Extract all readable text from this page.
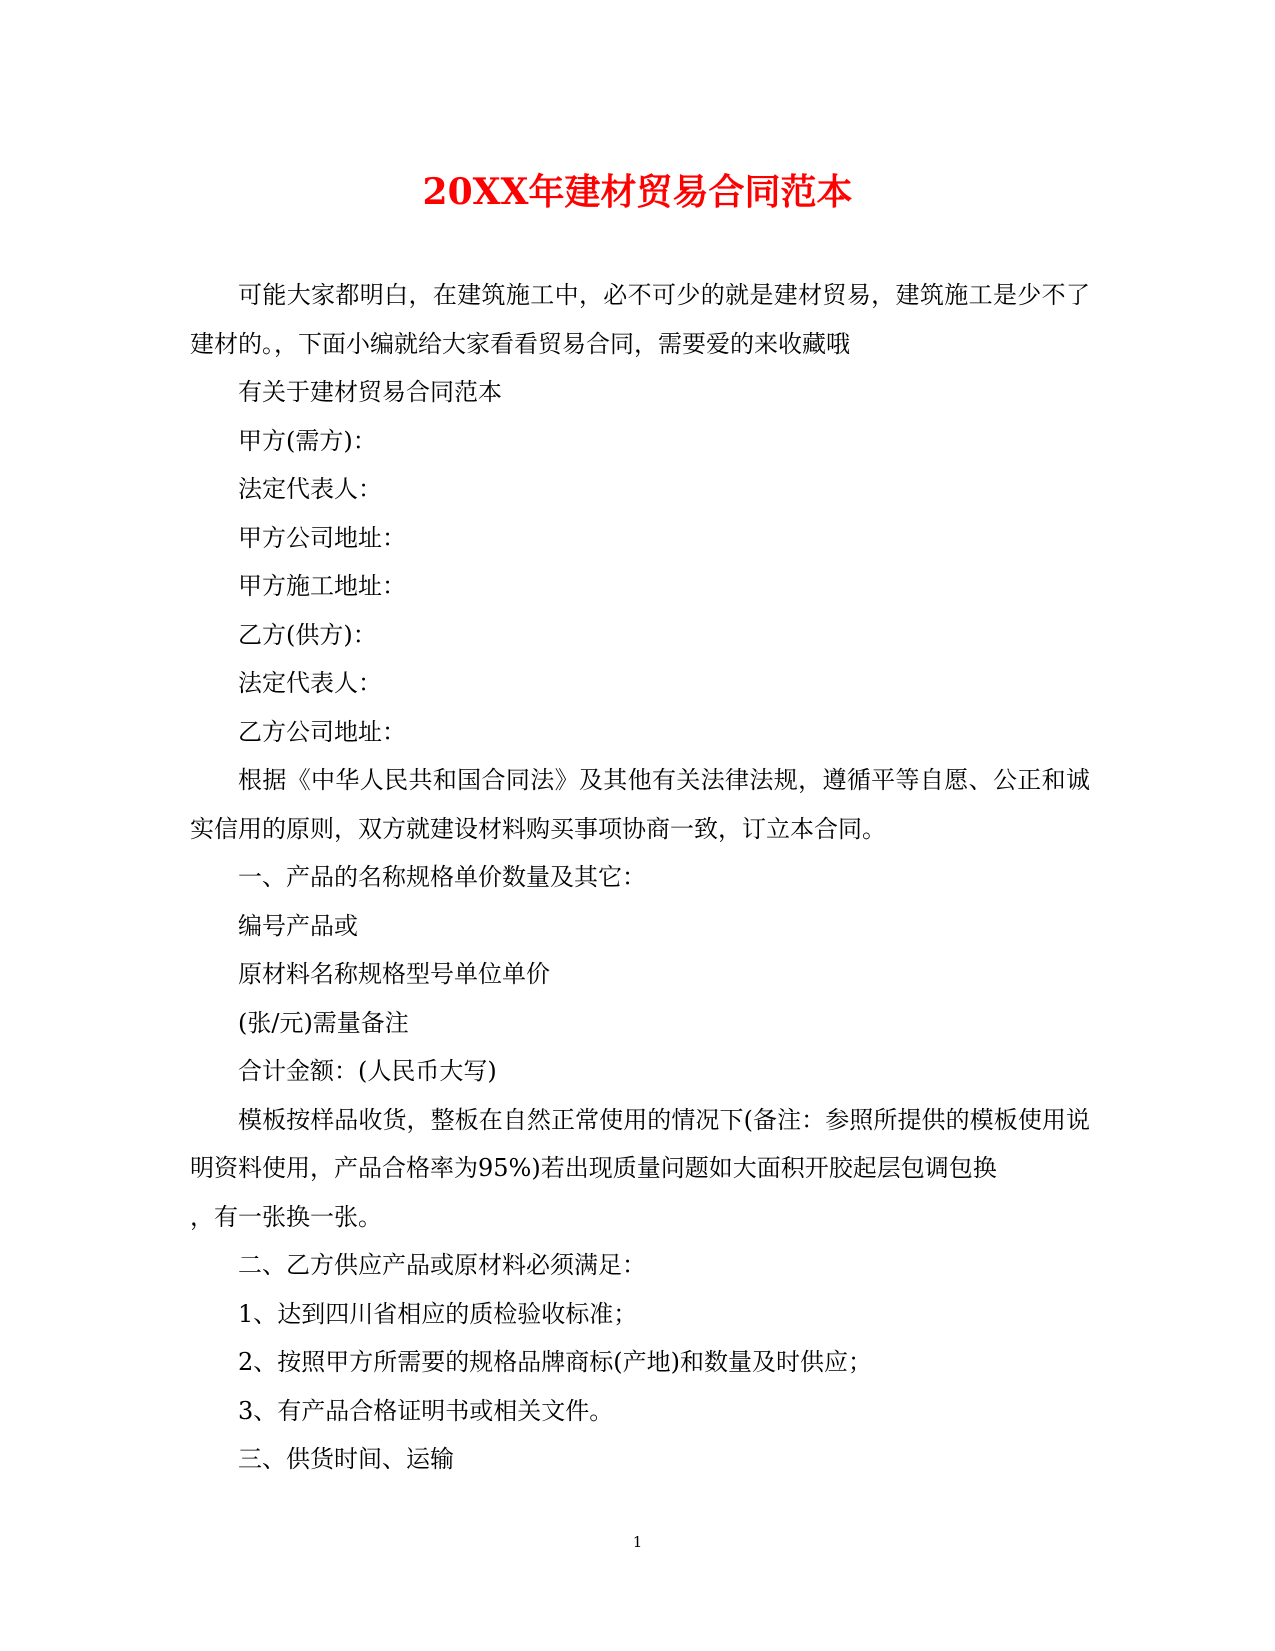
20XX年建材贸易合同范本

可能大家都明白，在建筑施工中，必不可少的就是建材贸易，建筑施工是少不了建材的。，下面小编就给大家看看贸易合同，需要爱的来收藏哦

有关于建材贸易合同范本

甲方(需方)：

法定代表人：

甲方公司地址：

甲方施工地址：

乙方(供方)：

法定代表人：

乙方公司地址：

根据《中华人民共和国合同法》及其他有关法律法规，遵循平等自愿、公正和诚实信用的原则，双方就建设材料购买事项协商一致，订立本合同。

一、产品的名称规格单价数量及其它：

编号产品或

原材料名称规格型号单位单价

(张/元)需量备注

合计金额：(人民币大写)

模板按样品收货，整板在自然正常使用的情况下(备注：参照所提供的模板使用说明资料使用，产品合格率为95%)若出现质量问题如大面积开胶起层包调包换

，有一张换一张。

二、乙方供应产品或原材料必须满足：

1、达到四川省相应的质检验收标准；

2、按照甲方所需要的规格品牌商标(产地)和数量及时供应；

3、有产品合格证明书或相关文件。

三、供货时间、运输

1
